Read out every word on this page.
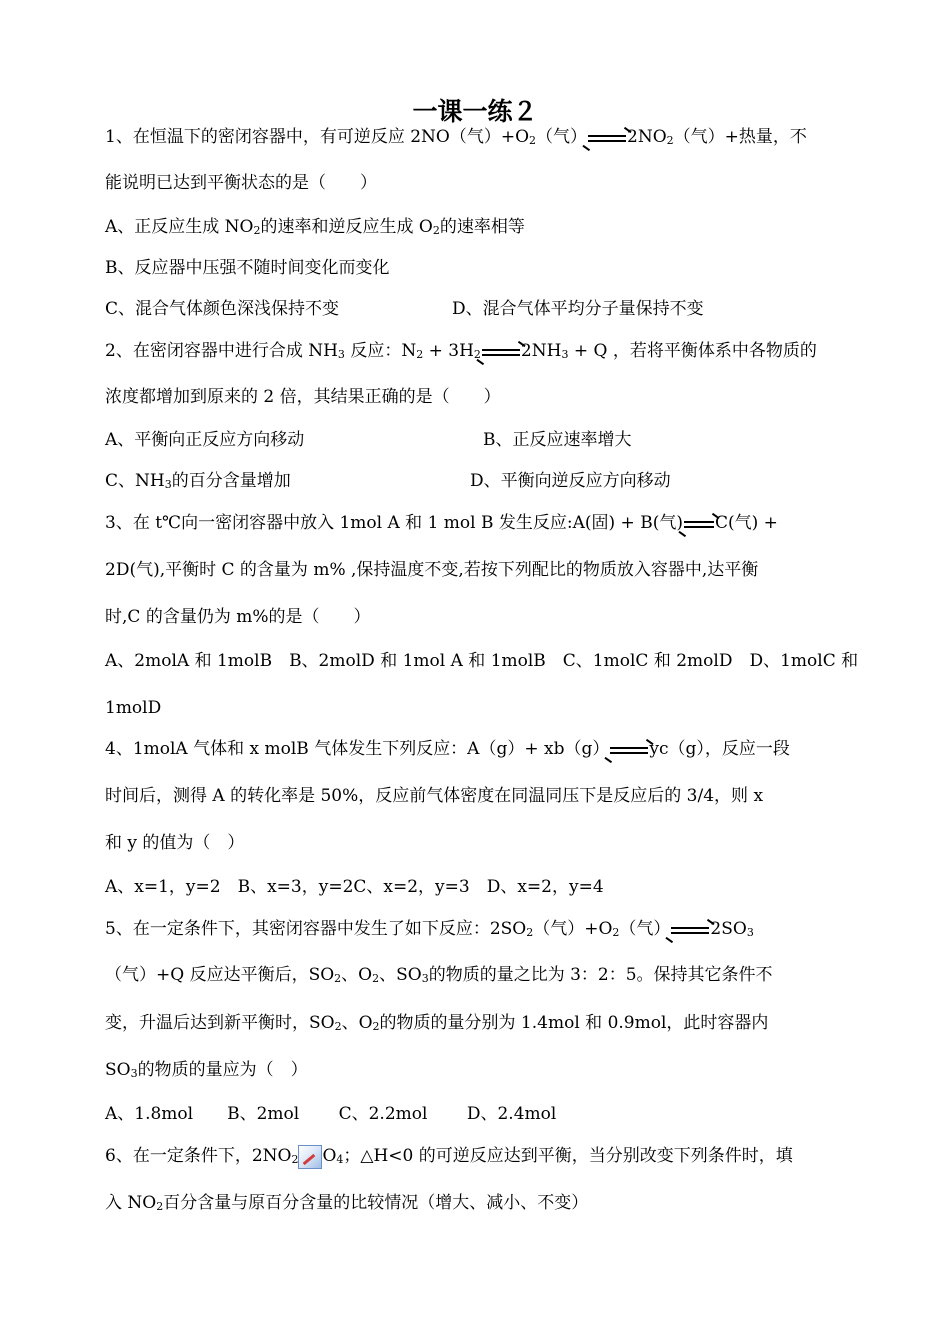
一课一练２
1、在恒温下的密闭容器中，有可逆反应 2NO（气）$+O_2$（气）$\to 2NO_2$（气）+热量，不
能说明已达到平衡状态的是（　　）
A、正反应生成 $NO_2$的速率和逆反应生成 $O_2$的速率相等
B、反应器中压强不随时间变化而变化
C、混合气体颜色深浅保持不变	D、混合气体平均分子量保持不变
2、在密闭容器中进行合成 $NH_3$ 反应：$N_2 + 3H_2\to 2NH_3 + Q$ ，若将平衡体系中各物质的
浓度都增加到原来的 2 倍，其结果正确的是（　　）
A、平衡向正反应方向移动	B、正反应速率增大
C、$NH_3$的百分含量增加	D、平衡向逆反应方向移动
3、在 t℃向一密闭容器中放入 1mol A 和 1 mol B 发生反应:A(固) + B(气)→C(气) +
2D(气),平衡时 C 的含量为 m% ,保持温度不变,若按下列配比的物质放入容器中,达平衡
时,C 的含量仍为 m%的是（　　）
A、2molA 和 1molB　B、2molD 和 1mol A 和 1molB　C、1molC 和 2molD　D、1molC 和
1molD
4、1molA 气体和 x molB 气体发生下列反应：A（g）+ xb（g）→yc（g），反应一段
时间后，测得 A 的转化率是 50%，反应前气体密度在同温同压下是反应后的 3/4，则 x
和 y 的值为（　）
A、x=1，y=2　B、x=3，y=2C、x=2，y=3　D、x=2，y=4
5、在一定条件下，其密闭容器中发生了如下反应：$2SO_2$（气）$+O_2$（气）$\to 2SO_3$
（气）+Q 反应达平衡后，$SO_2$、$O_2$、$SO_3$的物质的量之比为 3：2：5。保持其它条件不
变，升温后达到新平衡时，$SO_2$、$O_2$的物质的量分别为 1.4mol 和 0.9mol，此时容器内
$SO_3$的物质的量应为（　）
A、1.8mol　　B、2mol　　 C、2.2mol　　 D、2.4mol
6、在一定条件下，$2NO_2$ $O_4$；△H<0 的可逆反应达到平衡，当分别改变下列条件时，填
入 $NO_2$百分含量与原百分含量的比较情况（增大、减小、不变）
